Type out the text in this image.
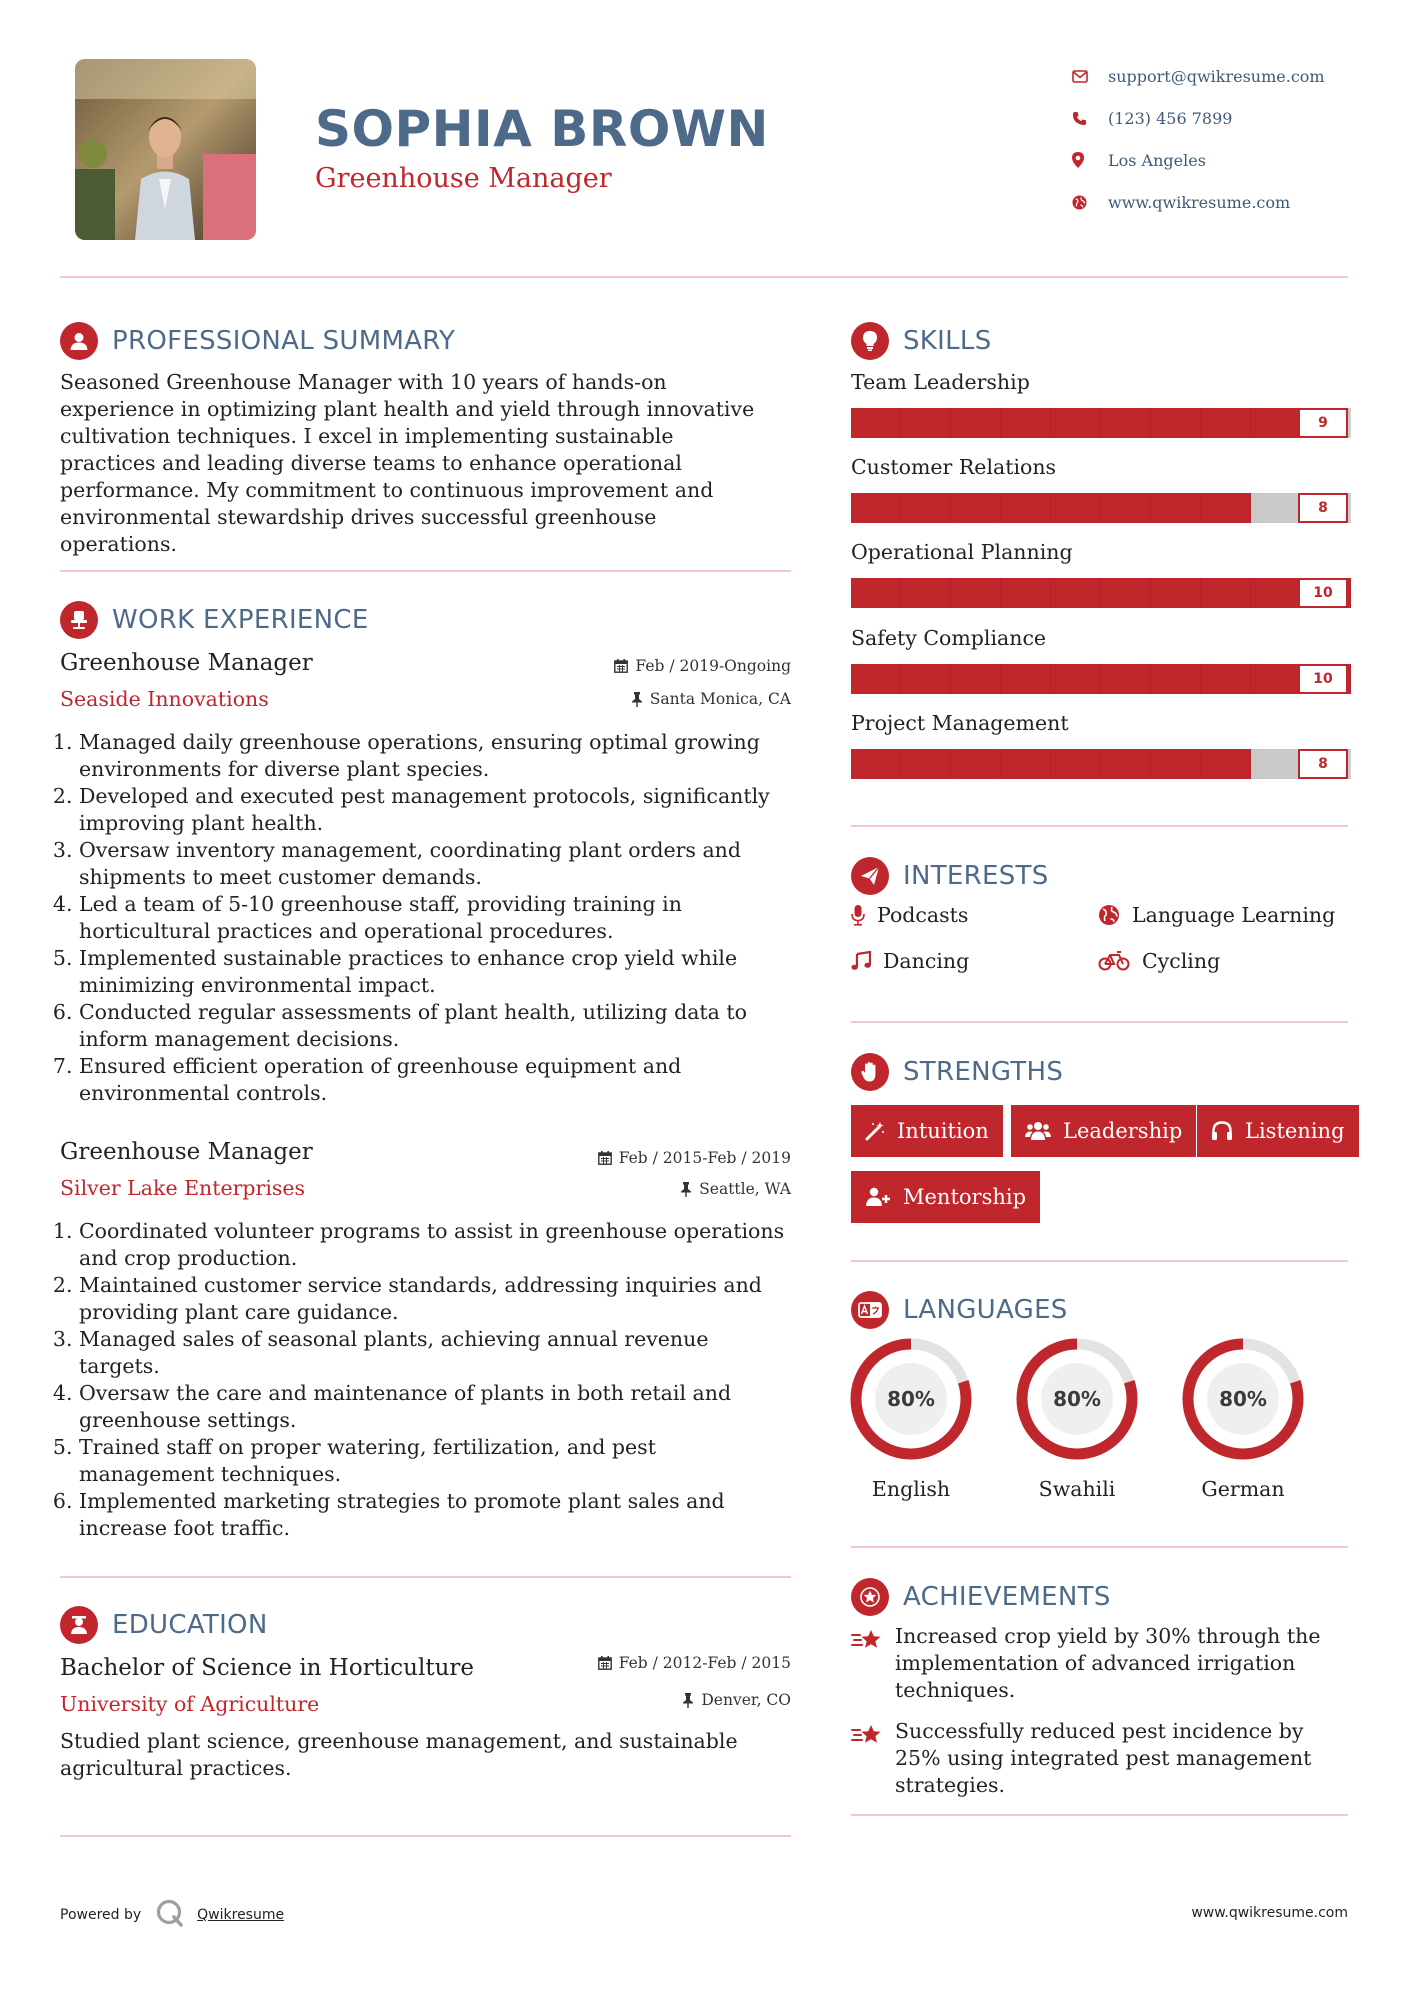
SOPHIA BROWN
Greenhouse Manager
support@qwikresume.com
(123) 456 7899
Los Angeles
www.qwikresume.com
PROFESSIONAL SUMMARY

Seasoned Greenhouse Manager with 10 years of hands-on experience in optimizing plant health and yield through innovative cultivation techniques. I excel in implementing sustainable practices and leading diverse teams to enhance operational performance. My commitment to continuous improvement and environmental stewardship drives successful greenhouse operations.

WORK EXPERIENCE
Greenhouse Manager
Seaside Innovations
Feb / 2019-Ongoing
Santa Monica, CA
1. Managed daily greenhouse operations, ensuring optimal growing environments for diverse plant species.
2. Developed and executed pest management protocols, significantly improving plant health.
3. Oversaw inventory management, coordinating plant orders and shipments to meet customer demands.
4. Led a team of 5-10 greenhouse staff, providing training in horticultural practices and operational procedures.
5. Implemented sustainable practices to enhance crop yield while minimizing environmental impact.
6. Conducted regular assessments of plant health, utilizing data to inform management decisions.
7. Ensured efficient operation of greenhouse equipment and environmental controls.
Greenhouse Manager
Silver Lake Enterprises
Feb / 2015-Feb / 2019
Seattle, WA
1. Coordinated volunteer programs to assist in greenhouse operations and crop production.
2. Maintained customer service standards, addressing inquiries and providing plant care guidance.
3. Managed sales of seasonal plants, achieving annual revenue targets.
4. Oversaw the care and maintenance of plants in both retail and greenhouse settings.
5. Trained staff on proper watering, fertilization, and pest management techniques.
6. Implemented marketing strategies to promote plant sales and increase foot traffic.
EDUCATION
Bachelor of Science in Horticulture
University of Agriculture
Feb / 2012-Feb / 2015
Denver, CO

Studied plant science, greenhouse management, and sustainable agricultural practices.

SKILLS
Team Leadership
9
Customer Relations
8
Operational Planning
10
Safety Compliance
10
Project Management
8
INTERESTS
Podcasts	Language Learning
Dancing	Cycling
STRENGTHS
Intuition	Leadership	Listening
Mentorship
LANGUAGES
80%
English
80%
Swahili
80%
German
ACHIEVEMENTS
Increased crop yield by 30% through the implementation of advanced irrigation techniques.
Successfully reduced pest incidence by 25% using integrated pest management strategies.
Powered by	Qwikresume	www.qwikresume.com
